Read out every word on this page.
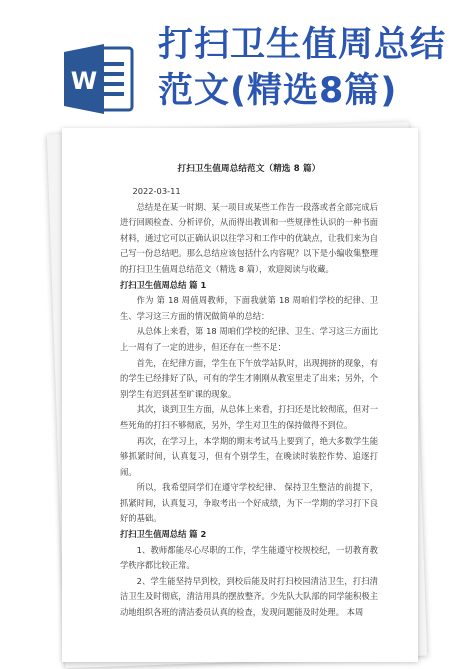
W
打扫卫生值周总结
范文(精选8篇)
打扫卫生值周总结范文（精选 8 篇）

2022-03-11

总结是在某一时期、某一项目或某些工作告一段落或者全部完成后进行回顾检查、分析评价，从而得出教训和一些规律性认识的一种书面材料，通过它可以正确认识以往学习和工作中的优缺点，让我们来为自己写一份总结吧。那么总结应该包括什么内容呢？以下是小编收集整理的打扫卫生值周总结范文（精选 8 篇），欢迎阅读与收藏。

打扫卫生值周总结 篇 1

作为 第 18 周值周教师，下面我就第 18 周咱们学校的纪律、卫生、学习这三方面的情况做简单的总结：

从总体上来看，第 18 周咱们学校的纪律、卫生、学习这三方面比上一周有了一定的进步，但还存在一些不足：

首先，在纪律方面，学生在下午放学站队时，出现拥挤的现象，有的学生已经排好了队，可有的学生才刚刚从教室里走了出来；另外，个别学生有迟到甚至旷课的现象。

其次，谈到卫生方面，从总体上来看，打扫还是比较彻底，但对一些死角的打扫不够彻底，另外，学生对卫生的保持做得不到位。

再次，在学习上，本学期的期末考试马上要到了，绝大多数学生能够抓紧时间，认真复习，但有个别学生，在晚读时装腔作势、追逐打闹。

所以，我希望同学们在遵守学校纪律、 保持卫生整洁的前提下，抓紧时间，认真复习，争取考出一个好成绩，为下一学期的学习打下良好的基础。

打扫卫生值周总结 篇 2

1、教师都能尽心尽职的工作，学生能遵守校规校纪，一切教育教学秩序都比较正常。

2、学生能坚持早到校，到校后能及时打扫校园清洁卫生，打扫清洁卫生及时彻底，清洁用具的摆放整齐。少先队大队部的同学能积极主动地组织各班的清洁委员认真的检查，发现问题能及时处理。 本周
